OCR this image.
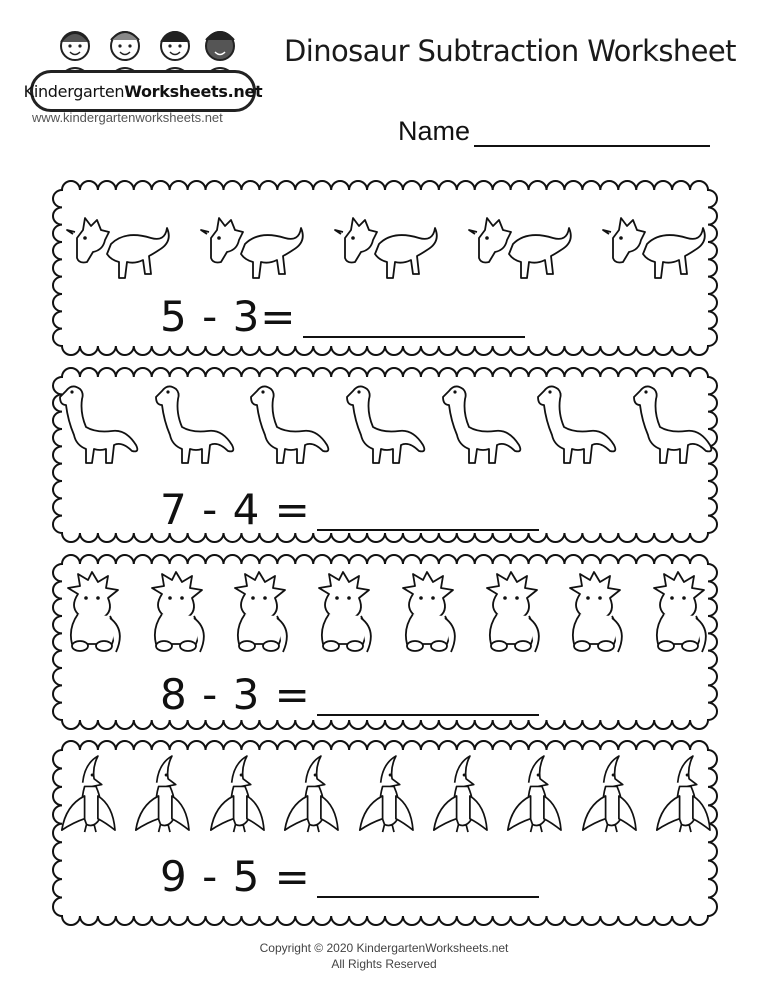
KindergartenWorksheets.net
www.kindergartenworksheets.net
Dinosaur Subtraction Worksheet
Name
5 - 3=
7 - 4 =
8 - 3 =
9 - 5 =
Copyright © 2020 KindergartenWorksheets.net
All Rights Reserved
